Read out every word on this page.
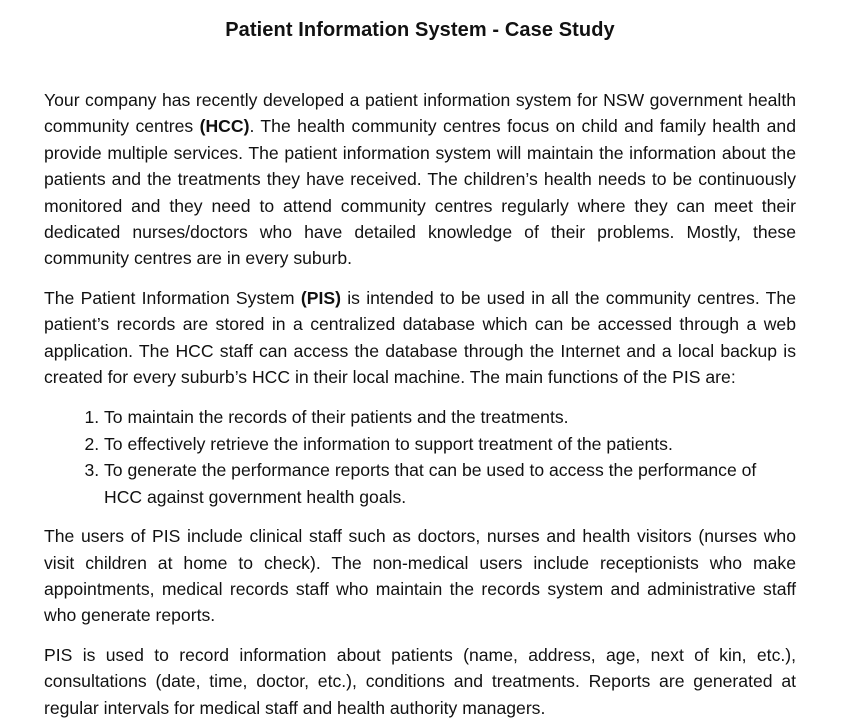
Patient Information System - Case Study

Your company has recently developed a patient information system for NSW government health community centres (HCC). The health community centres focus on child and family health and provide multiple services. The patient information system will maintain the information about the patients and the treatments they have received. The children’s health needs to be continuously monitored and they need to attend community centres regularly where they can meet their dedicated nurses/doctors who have detailed knowledge of their problems. Mostly, these community centres are in every suburb.

The Patient Information System (PIS) is intended to be used in all the community centres. The patient’s records are stored in a centralized database which can be accessed through a web application. The HCC staff can access the database through the Internet and a local backup is created for every suburb’s HCC in their local machine. The main functions of the PIS are:

1. To maintain the records of their patients and the treatments.
2. To effectively retrieve the information to support treatment of the patients.
3. To generate the performance reports that can be used to access the performance of HCC against government health goals.

The users of PIS include clinical staff such as doctors, nurses and health visitors (nurses who visit children at home to check). The non-medical users include receptionists who make appointments, medical records staff who maintain the records system and administrative staff who generate reports.

PIS is used to record information about patients (name, address, age, next of kin, etc.), consultations (date, time, doctor, etc.), conditions and treatments. Reports are generated at regular intervals for medical staff and health authority managers.
